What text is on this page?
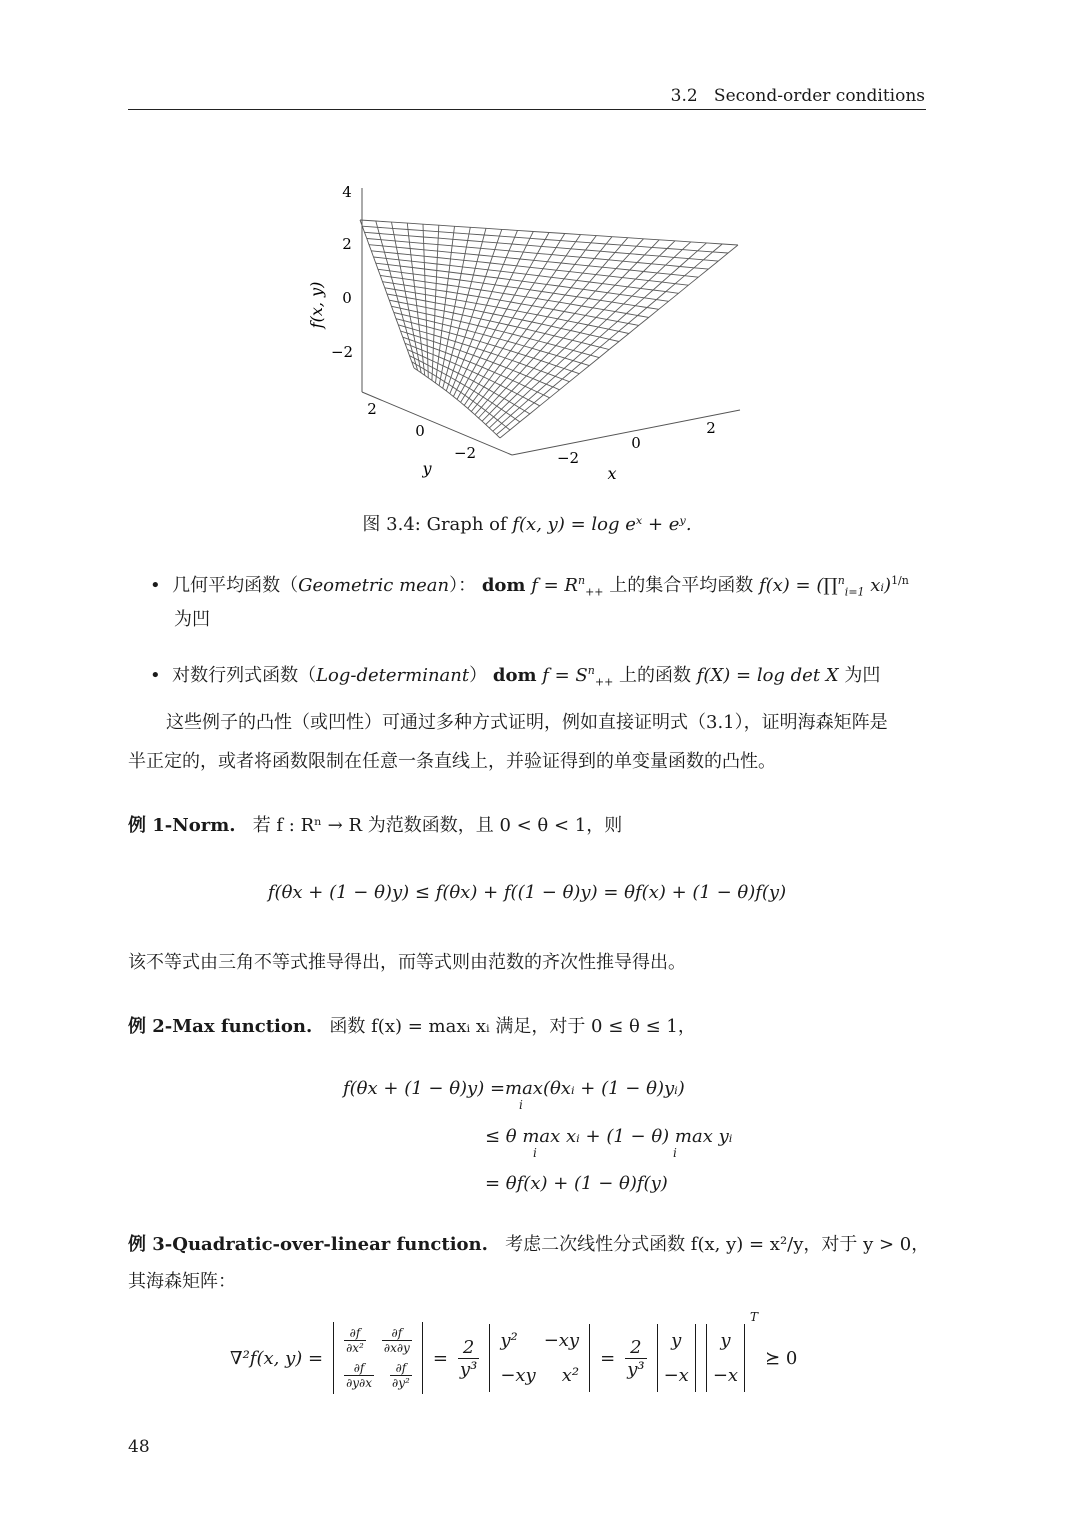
3.2 Second-order conditions
f(x, y)
4
2
0
−2
2
0
−2	−2
0
2
y	x
图 3.4: Graph of f(x, y) = log eˣ + eʸ.
• 几何平均函数（Geometric mean）： dom $f = R^n_{++}$ 上的集合平均函数 f(x) = (∏$^n_{i=1}$ xᵢ)$^{1/n}$
为凹
• 对数行列式函数（Log-determinant） dom $f = S^n_{++}$ 上的函数 f(X) = log det X 为凹
这些例子的凸性（或凹性）可通过多种方式证明，例如直接证明式（3.1），证明海森矩阵是
半正定的，或者将函数限制在任意一条直线上，并验证得到的单变量函数的凸性。
例 1-Norm. 若 f : Rⁿ → R 为范数函数，且 0 < θ < 1，则
f(θx + (1 − θ)y) ≤ f(θx) + f((1 − θ)y) = θf(x) + (1 − θ)f(y)
该不等式由三角不等式推导得出，而等式则由范数的齐次性推导得出。
例 2-Max function. 函数 f(x) = maxᵢ xᵢ 满足，对于 0 ≤ θ ≤ 1，
f(θx + (1 − θ)y) = max(θxᵢ + (1 − θ)yᵢ)
i
≤ θ max xᵢ + (1 − θ) max yᵢ
i	i
= θf(x) + (1 − θ)f(y)
例 3-Quadratic-over-linear function. 考虑二次线性分式函数 f(x, y) = x²/y，对于 y > 0，
其海森矩阵：
∇²f(x, y) =
$\frac{\partial f}{\text{∂x²}} \frac{\partial f}{\partial x\partial y}$
$\frac{\partial f}{\partial y\partial x} \frac{\partial f}{\text{∂y²}}$
= $\frac{2}{\text{y³}} y^2 -xy$
−xy x²
= $\frac{2}{\text{y³}}$	y
−x
y
−x
T
⪰ 0
48
